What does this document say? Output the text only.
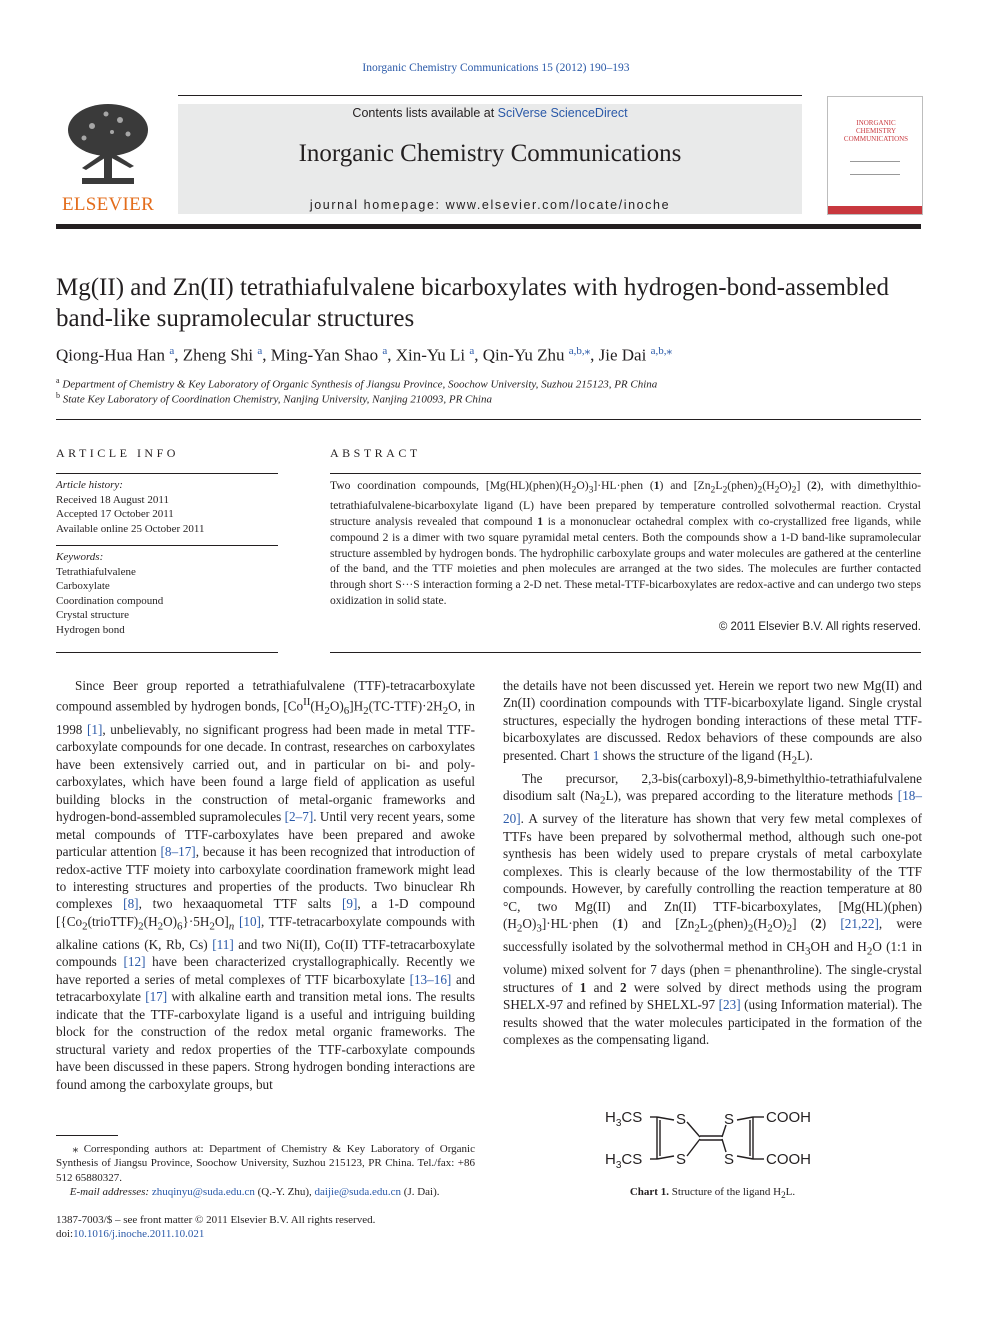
Inorganic Chemistry Communications 15 (2012) 190–193
ELSEVIER
Contents lists available at SciVerse ScienceDirect
Inorganic Chemistry Communications
journal homepage: www.elsevier.com/locate/inoche
INORGANIC CHEMISTRY COMMUNICATIONS
Mg(II) and Zn(II) tetrathiafulvalene bicarboxylates with hydrogen-bond-assembled band-like supramolecular structures
Qiong-Hua Han $^a$, Zheng Shi $^a$, Ming-Yan Shao $^a$, Xin-Yu Li $^a$, Qin-Yu Zhu $^{a,b,⁎}$, Jie Dai $^{a,b,⁎}$
$^a$ Department of Chemistry & Key Laboratory of Organic Synthesis of Jiangsu Province, Soochow University, Suzhou 215123, PR China
$^b$ State Key Laboratory of Coordination Chemistry, Nanjing University, Nanjing 210093, PR China
ARTICLE INFO	ABSTRACT
Article history:
Received 18 August 2011
Accepted 17 October 2011
Available online 25 October 2011
Keywords:
Tetrathiafulvalene
Carboxylate
Coordination compound
Crystal structure
Hydrogen bond
Two coordination compounds, $[Mg(HL)(phen)(H_2O)_3]\cdot HL\cdot phen$ (1) and $[Zn_2L_2(phen)_2(H_2O)_2]$ (2), with dimethylthio-tetrathiafulvalene-bicarboxylate ligand (L) have been prepared by temperature controlled solvothermal reaction. Crystal structure analysis revealed that compound 1 is a mononuclear octahedral complex with co-crystallized free ligands, while compound 2 is a dimer with two square pyramidal metal centers. Both the compounds show a 1-D band-like supramolecular structure assembled by hydrogen bonds. The hydrophilic carboxylate groups and water molecules are gathered at the centerline of the band, and the TTF moieties and phen molecules are arranged at the two sides. The molecules are further contacted through short S···S interaction forming a 2-D net. These metal-TTF-bicarboxylates are redox-active and can undergo two steps oxidization in solid state.
© 2011 Elsevier B.V. All rights reserved.

Since Beer group reported a tetrathiafulvalene (TTF)-tetracarboxylate compound assembled by hydrogen bonds, $[Co^{II}(H_2O)_6]H_2(TC-TTF)\cdot 2H_2O$, in 1998 [1], unbelievably, no significant progress had been made in metal TTF-carboxylate compounds for one decade. In contrast, researches on carboxylates have been extensively carried out, and in particular on bi- and poly-carboxylates, which have been found a large field of application as useful building blocks in the construction of metal-organic frameworks and hydrogen-bond-assembled supramolecules [2–7]. Until very recent years, some metal compounds of TTF-carboxylates have been prepared and awoke particular attention [8–17], because it has been recognized that introduction of redox-active TTF moiety into carboxylate coordination framework might lead to interesting structures and properties of the products. Two binuclear Rh complexes [8], two hexaaquometal TTF salts [9], a 1-D compound $[\{Co_2(trioTTF)_2(H_2O)_6\}\cdot 5H_2O]_n$ [10], TTF-tetracarboxylate compounds with alkaline cations (K, Rb, Cs) [11] and two Ni(II), Co(II) TTF-tetracarboxylate compounds [12] have been characterized crystallographically. Recently we have reported a series of metal complexes of TTF bicarboxylate [13–16] and tetracarboxylate [17] with alkaline earth and transition metal ions. The results indicate that the TTF-carboxylate ligand is a useful and intriguing building block for the construction of the redox metal organic frameworks. The structural variety and redox properties of the TTF-carboxylate compounds have been discussed in these papers. Strong hydrogen bonding interactions are found among the carboxylate groups, but

the details have not been discussed yet. Herein we report two new Mg(II) and Zn(II) coordination compounds with TTF-bicarboxylate ligand. Single crystal structures, especially the hydrogen bonding interactions of these metal TTF-bicarboxylates are discussed. Redox behaviors of these compounds are also presented. Chart 1 shows the structure of the ligand $(H_2L)$.

The precursor, 2,3-bis(carboxyl)-8,9-bimethylthio-tetrathiafulvalene disodium salt $(Na_2L)$, was prepared according to the literature methods [18–20]. A survey of the literature has shown that very few metal complexes of TTFs have been prepared by solvothermal method, although such one-pot synthesis has been widely used to prepare crystals of metal carboxylate complexes. This is clearly because of the low thermostability of the TTF compounds. However, by carefully controlling the reaction temperature at 80 °C, two Mg(II) and Zn(II) TTF-bicarboxylates, $[Mg(HL)(phen)(H_2O)_3]\cdot HL\cdot phen$ (1) and $[Zn_2L_2(phen)_2(H_2O)_2]$ (2) [21,22], were successfully isolated by the solvothermal method in $CH_3OH$ and $H_2O$ (1:1 in volume) mixed solvent for 7 days (phen = phenanthroline). The single-crystal structures of 1 and 2 were solved by direct methods using the program SHELX-97 and refined by SHELXL-97 [23] (using Information material). The results showed that the water molecules participated in the formation of the complexes as the compensating ligand.

$H_3CS$
$H_3CS$
S
S
S
S
COOH
COOH
Chart 1. Structure of the ligand $H_2L$.

⁎ Corresponding authors at: Department of Chemistry & Key Laboratory of Organic Synthesis of Jiangsu Province, Soochow University, Suzhou 215123, PR China. Tel./fax: +86 512 65880327.

E-mail addresses: zhuqinyu@suda.edu.cn (Q.-Y. Zhu), daijie@suda.edu.cn (J. Dai).

1387-7003/$ – see front matter © 2011 Elsevier B.V. All rights reserved.
doi:10.1016/j.inoche.2011.10.021
